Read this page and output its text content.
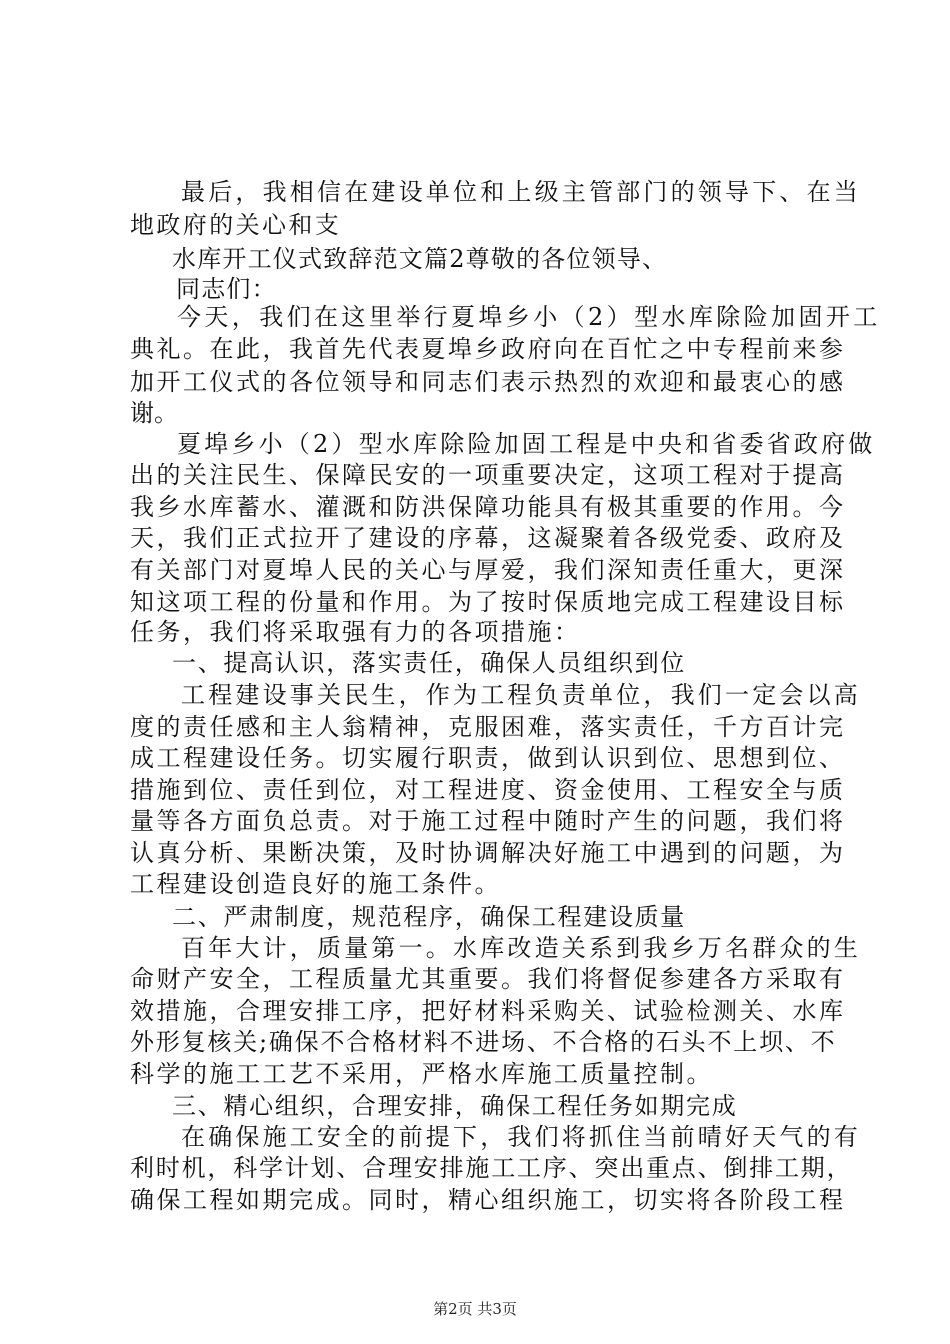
最后，我相信在建设单位和上级主管部门的领导下、在当
地政府的关心和支
水库开工仪式致辞范文篇2尊敬的各位领导、
同志们：
今天，我们在这里举行夏埠乡小（2）型水库除险加固开工
典礼。在此，我首先代表夏埠乡政府向在百忙之中专程前来参
加开工仪式的各位领导和同志们表示热烈的欢迎和最衷心的感
谢。
夏埠乡小（2）型水库除险加固工程是中央和省委省政府做
出的关注民生、保障民安的一项重要决定，这项工程对于提高
我乡水库蓄水、灌溉和防洪保障功能具有极其重要的作用。今
天，我们正式拉开了建设的序幕，这凝聚着各级党委、政府及
有关部门对夏埠人民的关心与厚爱，我们深知责任重大，更深
知这项工程的份量和作用。为了按时保质地完成工程建设目标
任务，我们将采取强有力的各项措施：
一、提高认识，落实责任，确保人员组织到位
工程建设事关民生，作为工程负责单位，我们一定会以高
度的责任感和主人翁精神，克服困难，落实责任，千方百计完
成工程建设任务。切实履行职责，做到认识到位、思想到位、
措施到位、责任到位，对工程进度、资金使用、工程安全与质
量等各方面负总责。对于施工过程中随时产生的问题，我们将
认真分析、果断决策，及时协调解决好施工中遇到的问题，为
工程建设创造良好的施工条件。
二、严肃制度，规范程序，确保工程建设质量
百年大计，质量第一。水库改造关系到我乡万名群众的生
命财产安全，工程质量尤其重要。我们将督促参建各方采取有
效措施，合理安排工序，把好材料采购关、试验检测关、水库
外形复核关;确保不合格材料不进场、不合格的石头不上坝、不
科学的施工工艺不采用，严格水库施工质量控制。
三、精心组织，合理安排，确保工程任务如期完成
在确保施工安全的前提下，我们将抓住当前晴好天气的有
利时机，科学计划、合理安排施工工序、突出重点、倒排工期，
确保工程如期完成。同时，精心组织施工，切实将各阶段工程
第2页 共3页
